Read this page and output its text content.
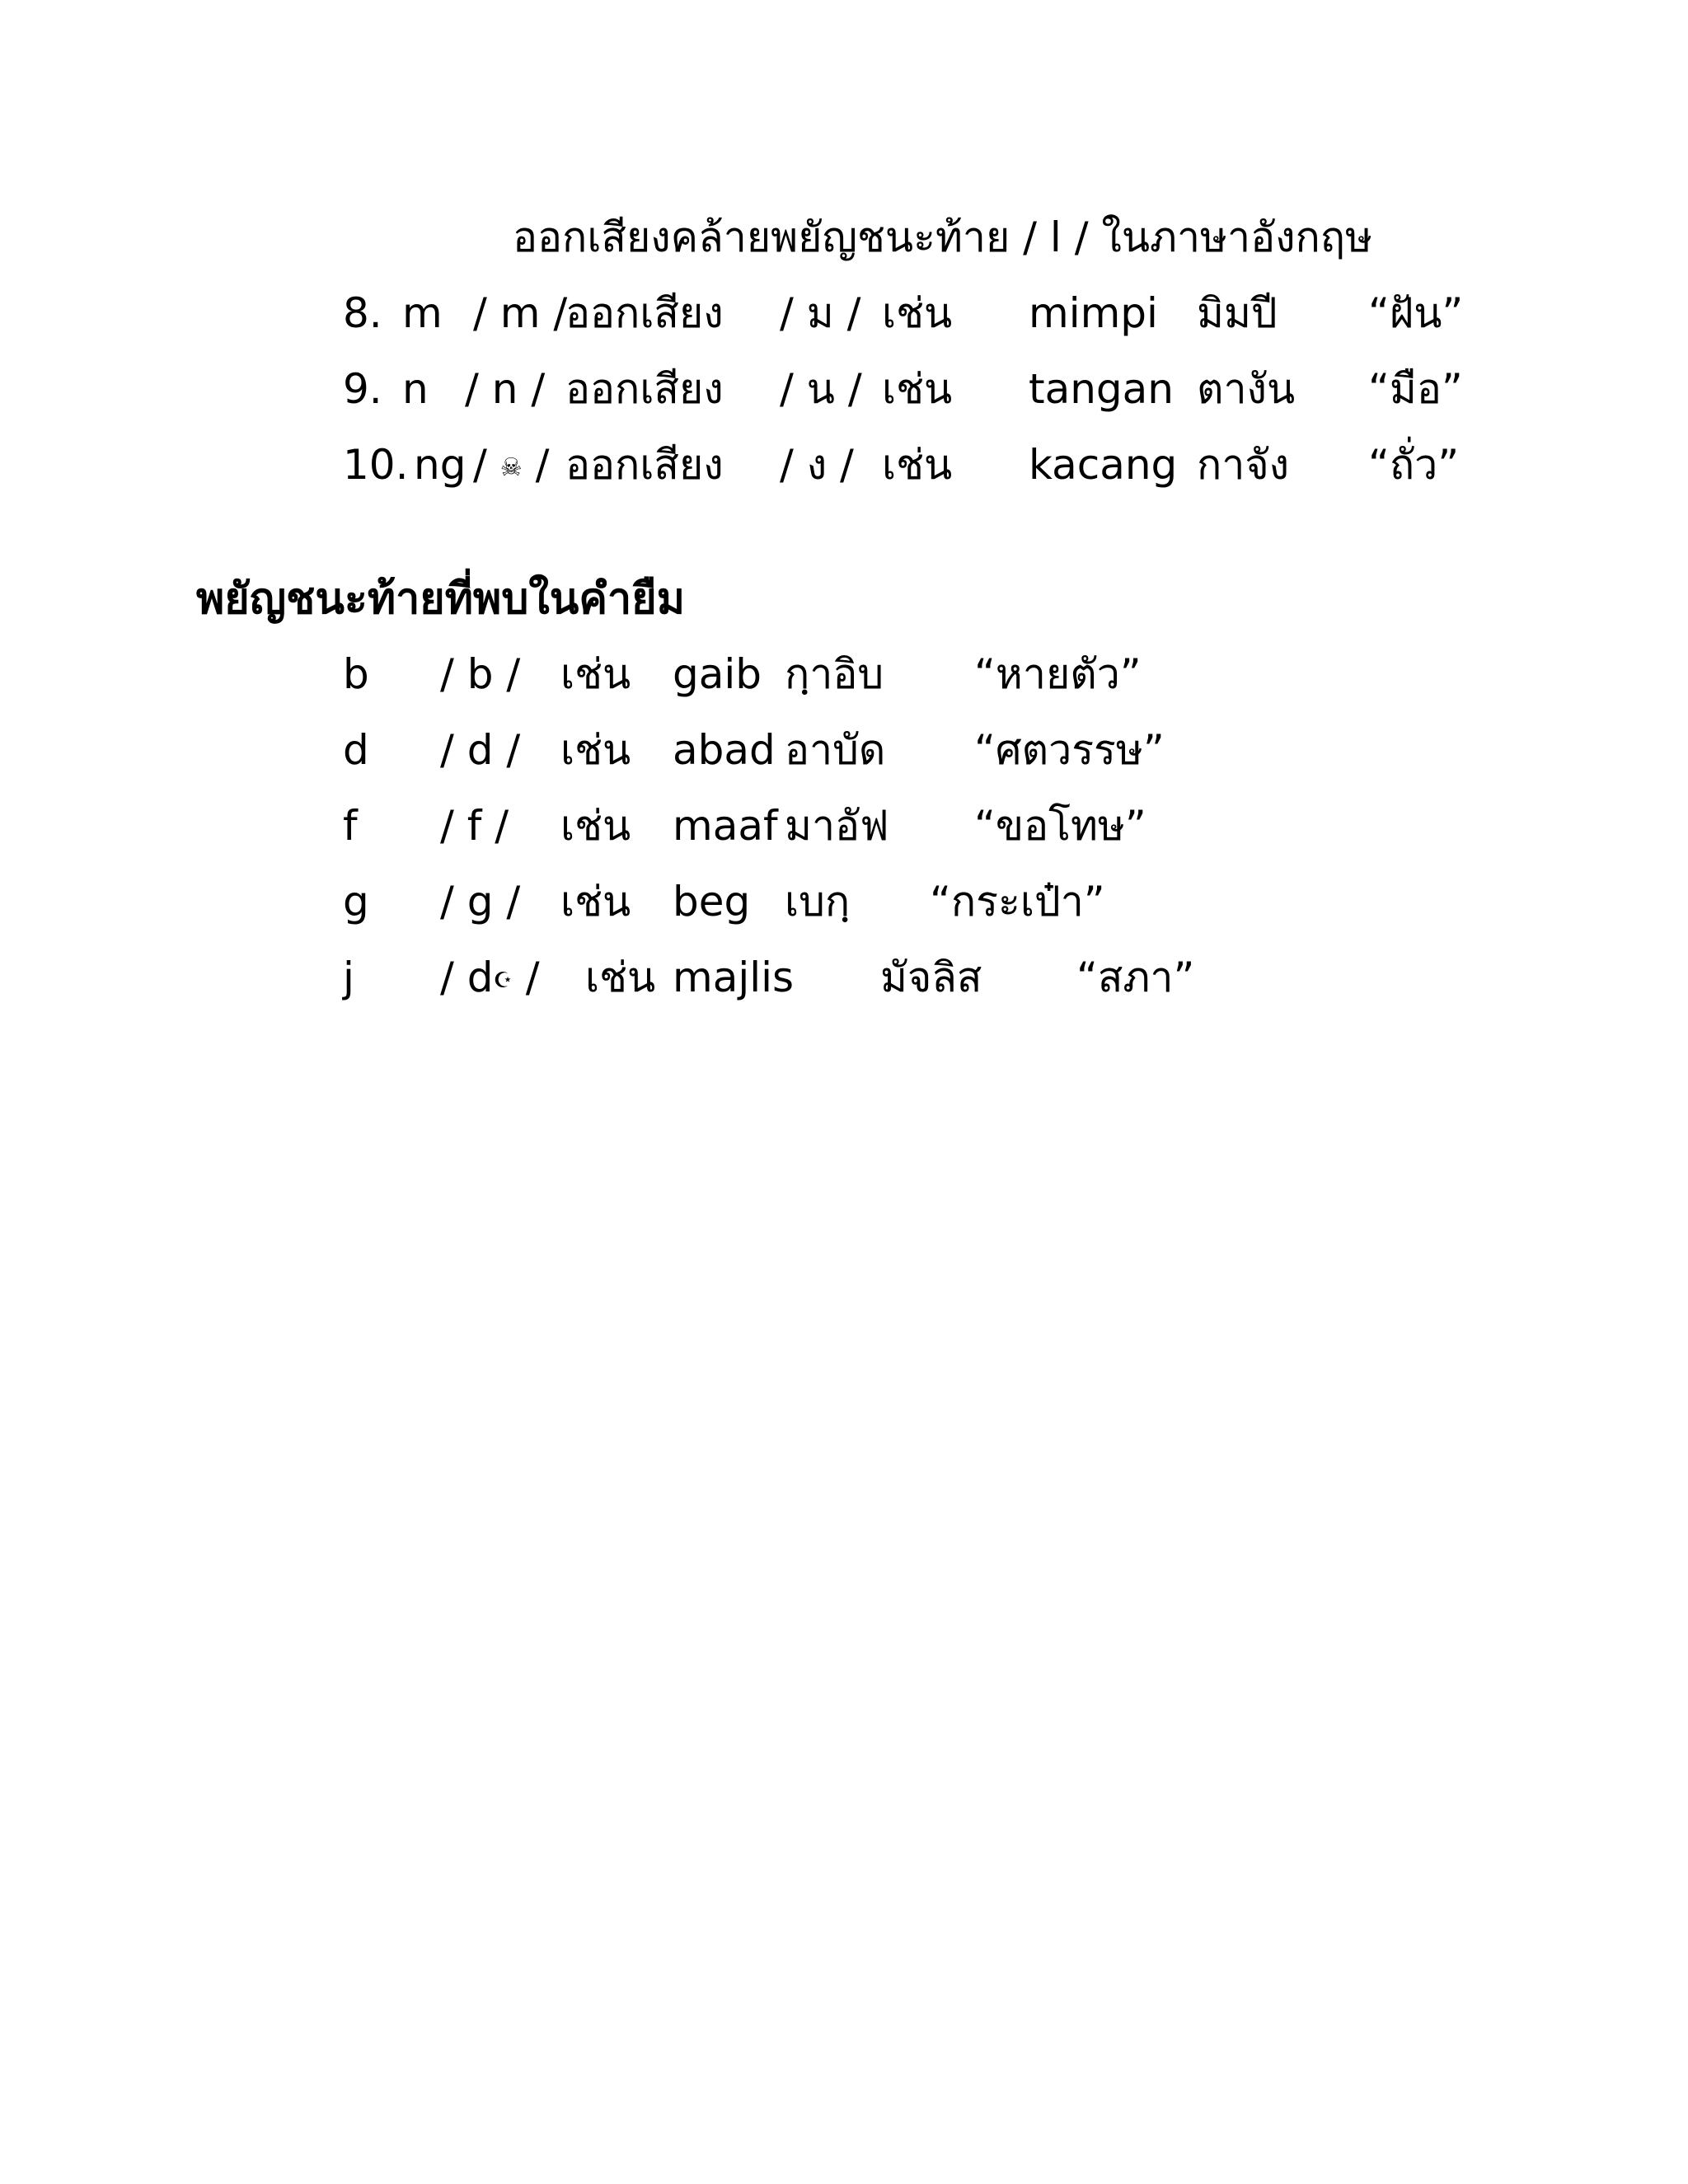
ออกเสียงคล้ายพยัญชนะท้าย / l / ในภาษาอังกฤษ
8. m / m /
ออกเสียง / ม / เช่น mimpi มิมปี “ฝัน”
9. n / n / ออกเสียง / น / เช่น tangan ตางัน “มือ”
10. ng / ☠ / ออกเสียง / ง / เช่น kacang กาจัง “ถั่ว”
พยัญชนะท้ายที่พบในคำยืม
b / b / เช่น gaib กฺาอิบ “หายตัว”
d / d / เช่น abad อาบัด “ศตวรรษ”
f / f / เช่น maaf มาอัฟ “ขอโทษ”
g / g / เช่น beg เบกฺ “กระเป๋า”
j / d☪ / เช่น majlis มัจลิส “สภา”
